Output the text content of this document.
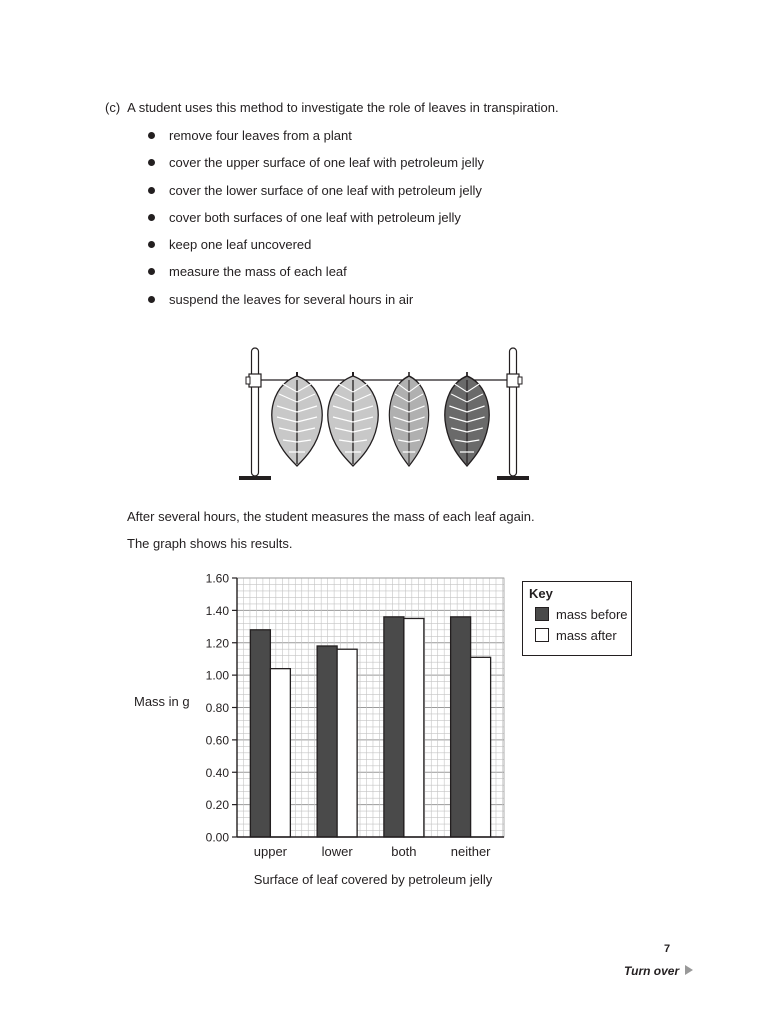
(c) A student uses this method to investigate the role of leaves in transpiration.
remove four leaves from a plant
cover the upper surface of one leaf with petroleum jelly
cover the lower surface of one leaf with petroleum jelly
cover both surfaces of one leaf with petroleum jelly
keep one leaf uncovered
measure the mass of each leaf
suspend the leaves for several hours in air
After several hours, the student measures the mass of each leaf again.
The graph shows his results.
upper	lower	both	neither
0.00
0.20
0.40
0.60
0.80
1.00
1.20
1.40
1.60
Mass in g
Surface of leaf covered by petroleum jelly
Key
mass before
mass after
7
Turn over
